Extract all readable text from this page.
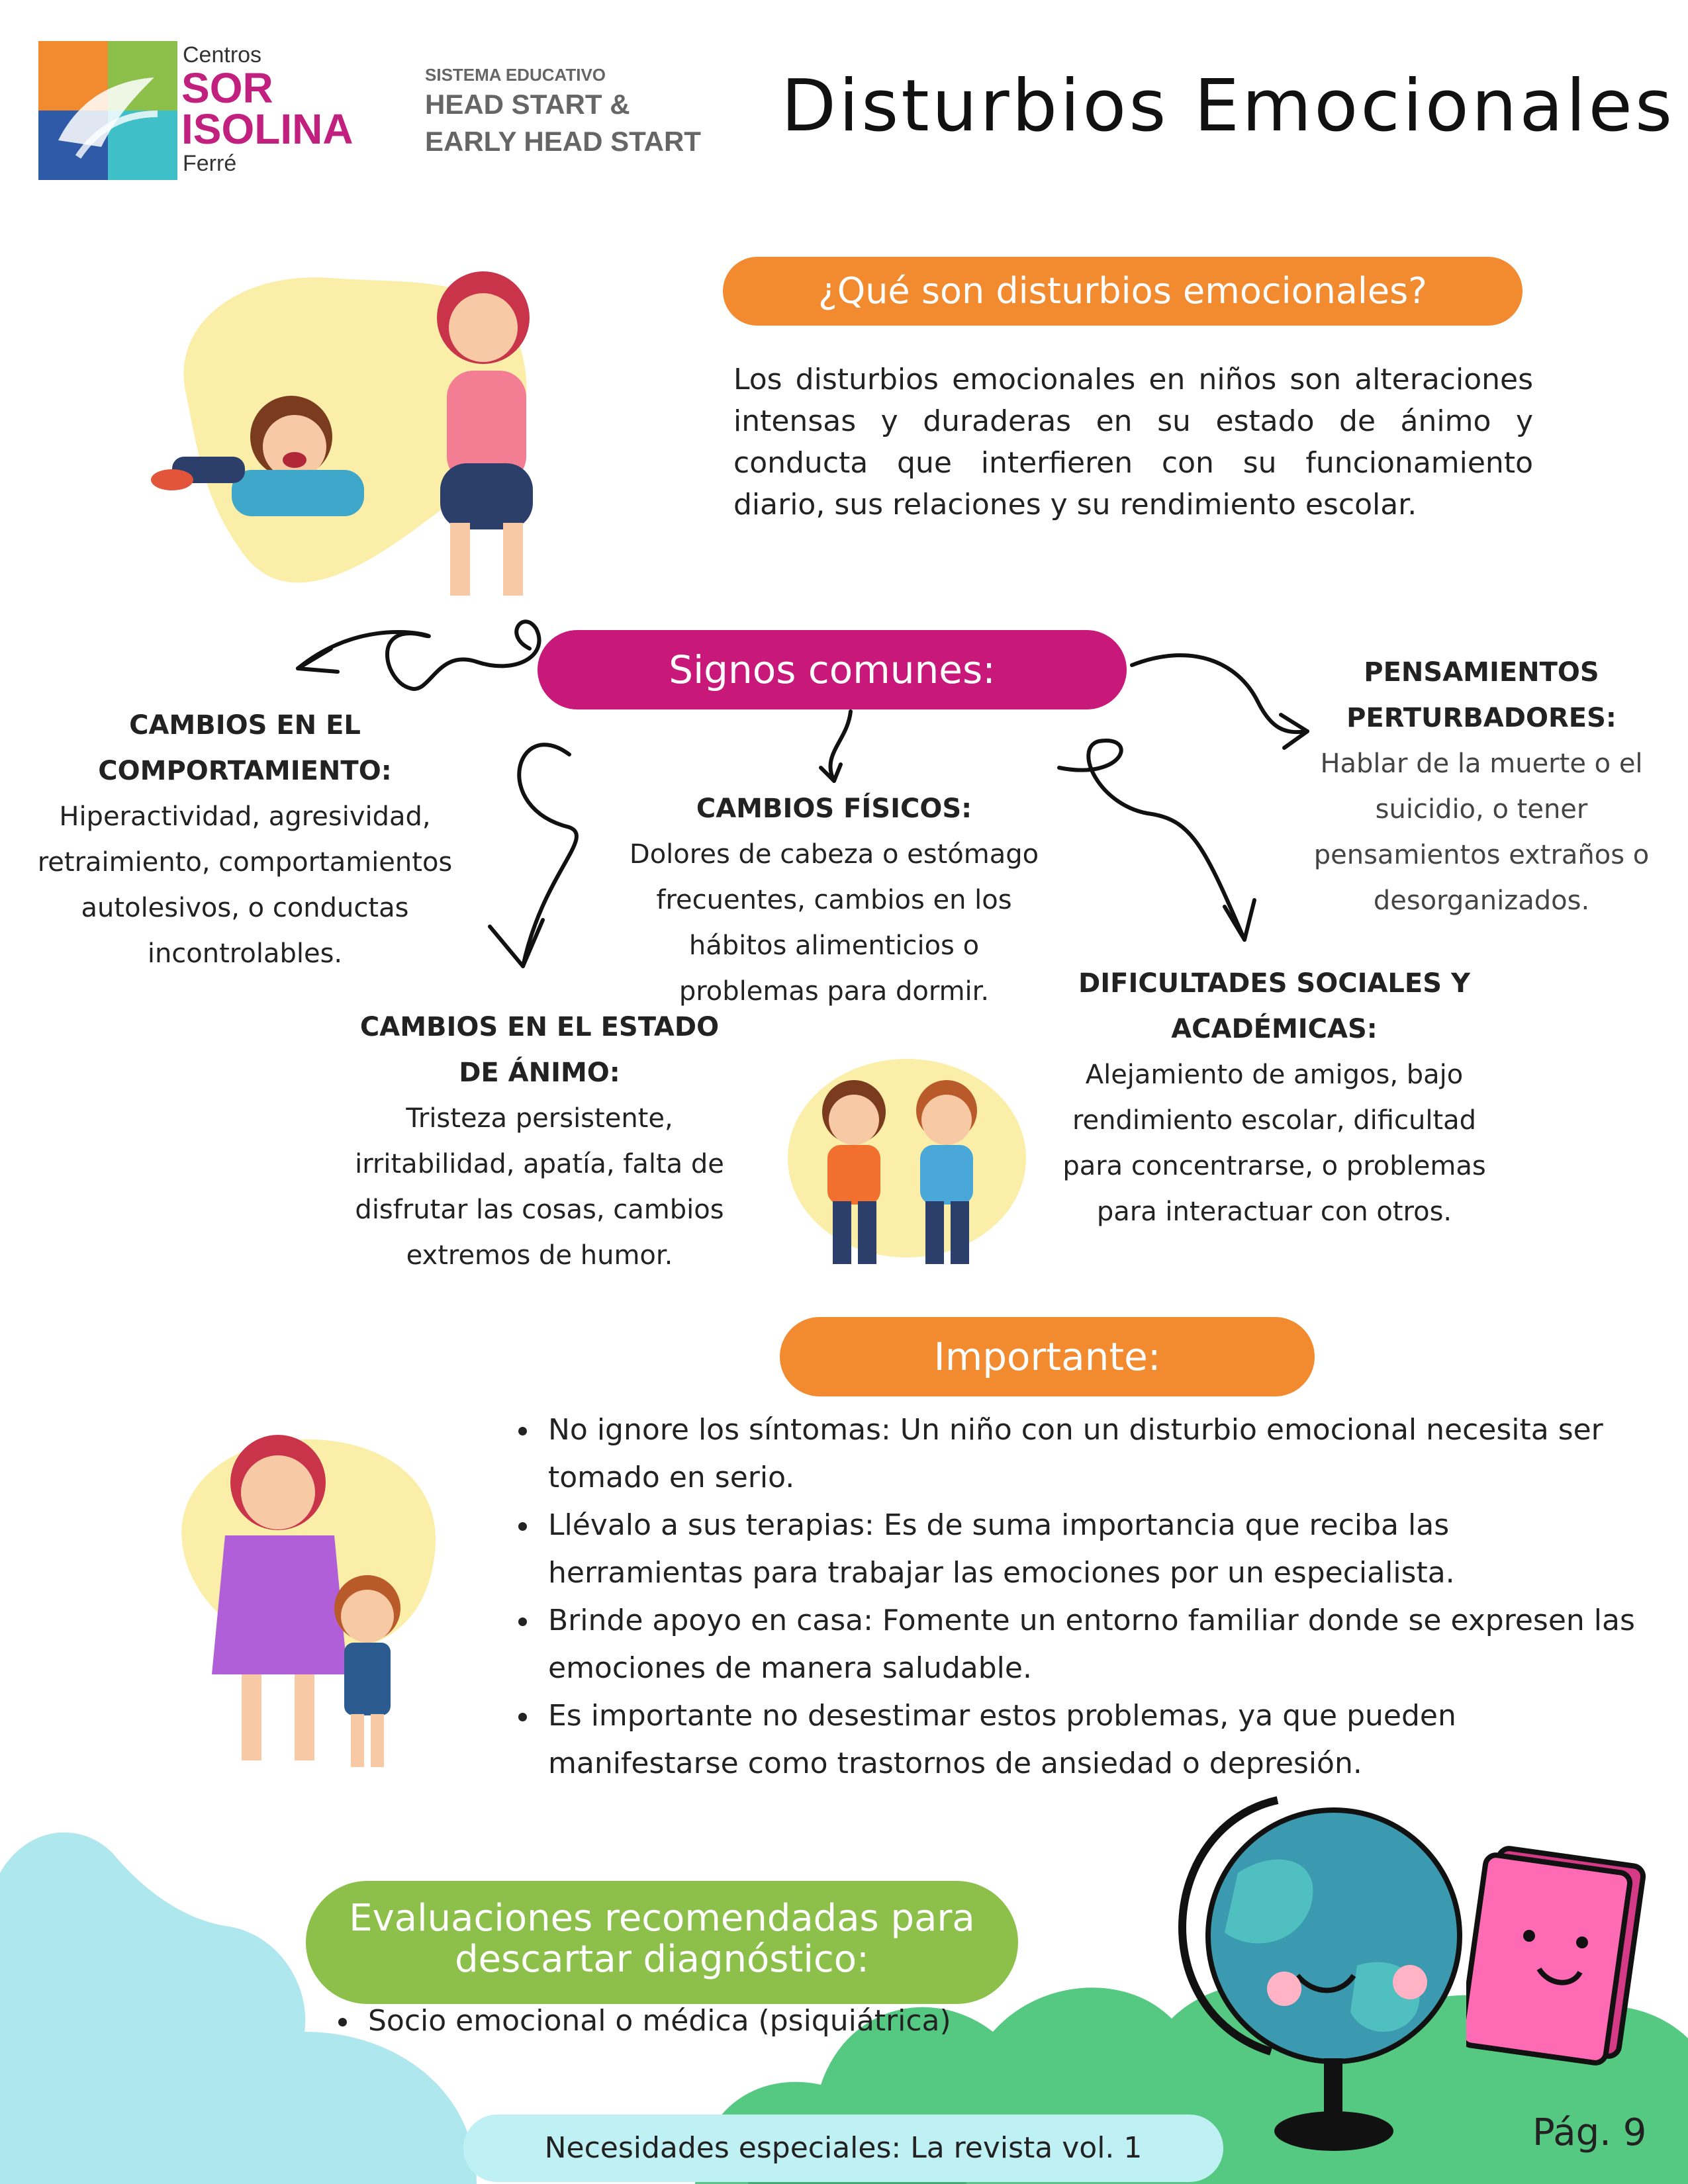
Centros
SOR
ISOLINA
Ferré
SISTEMA EDUCATIVO
HEAD START &
EARLY HEAD START Disturbios Emocionales
¿Qué son disturbios emocionales?
Los disturbios emocionales en niños son alteraciones intensas y duraderas en su estado de ánimo y conducta que interfieren con su funcionamiento diario, sus relaciones y su rendimiento escolar.
Signos comunes:
CAMBIOS EN EL COMPORTAMIENTO:
Hiperactividad, agresividad, retraimiento, comportamientos autolesivos, o conductas incontrolables.
CAMBIOS FÍSICOS:
Dolores de cabeza o estómago frecuentes, cambios en los hábitos alimenticios o problemas para dormir.
PENSAMIENTOS PERTURBADORES:
Hablar de la muerte o el suicidio, o tener pensamientos extraños o desorganizados.
CAMBIOS EN EL ESTADO DE ÁNIMO:
Tristeza persistente, irritabilidad, apatía, falta de disfrutar las cosas, cambios extremos de humor.
DIFICULTADES SOCIALES Y ACADÉMICAS:
Alejamiento de amigos, bajo rendimiento escolar, dificultad para concentrarse, o problemas para interactuar con otros.
Importante:
• No ignore los síntomas: Un niño con un disturbio emocional necesita ser tomado en serio.
• Llévalo a sus terapias: Es de suma importancia que reciba las herramientas para trabajar las emociones por un especialista.
• Brinde apoyo en casa: Fomente un entorno familiar donde se expresen las emociones de manera saludable.
• Es importante no desestimar estos problemas, ya que pueden manifestarse como trastornos de ansiedad o depresión.
Evaluaciones recomendadas para descartar diagnóstico:
• Socio emocional o médica (psiquiátrica)
Necesidades especiales: La revista vol. 1	Pág. 9
